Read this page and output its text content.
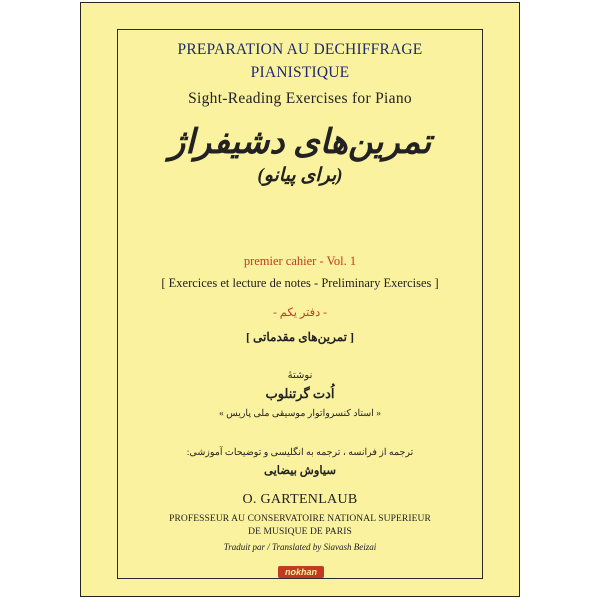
PREPARATION AU DECHIFFRAGE
PIANISTIQUE
Sight-Reading Exercises for Piano
تمرین‌های دشیفراژ
(برای پیانو)
premier cahier - Vol. 1
[ Exercices et lecture de notes - Preliminary Exercises ]
- دفتر یکم -
[ تمرین‌های مقدماتی ]
نوشتهٔ
اُدت گرتنلوب
« استاد کنسرواتوار موسیقی ملی پاریس »
ترجمه از فرانسه ، ترجمه به انگلیسی و توضیحات آموزشی:
سیاوش بیضایی
O. GARTENLAUB
PROFESSEUR AU CONSERVATOIRE NATIONAL SUPERIEUR
DE MUSIQUE DE PARIS
Traduit par / Translated by Siavash Beizai
nokhan
